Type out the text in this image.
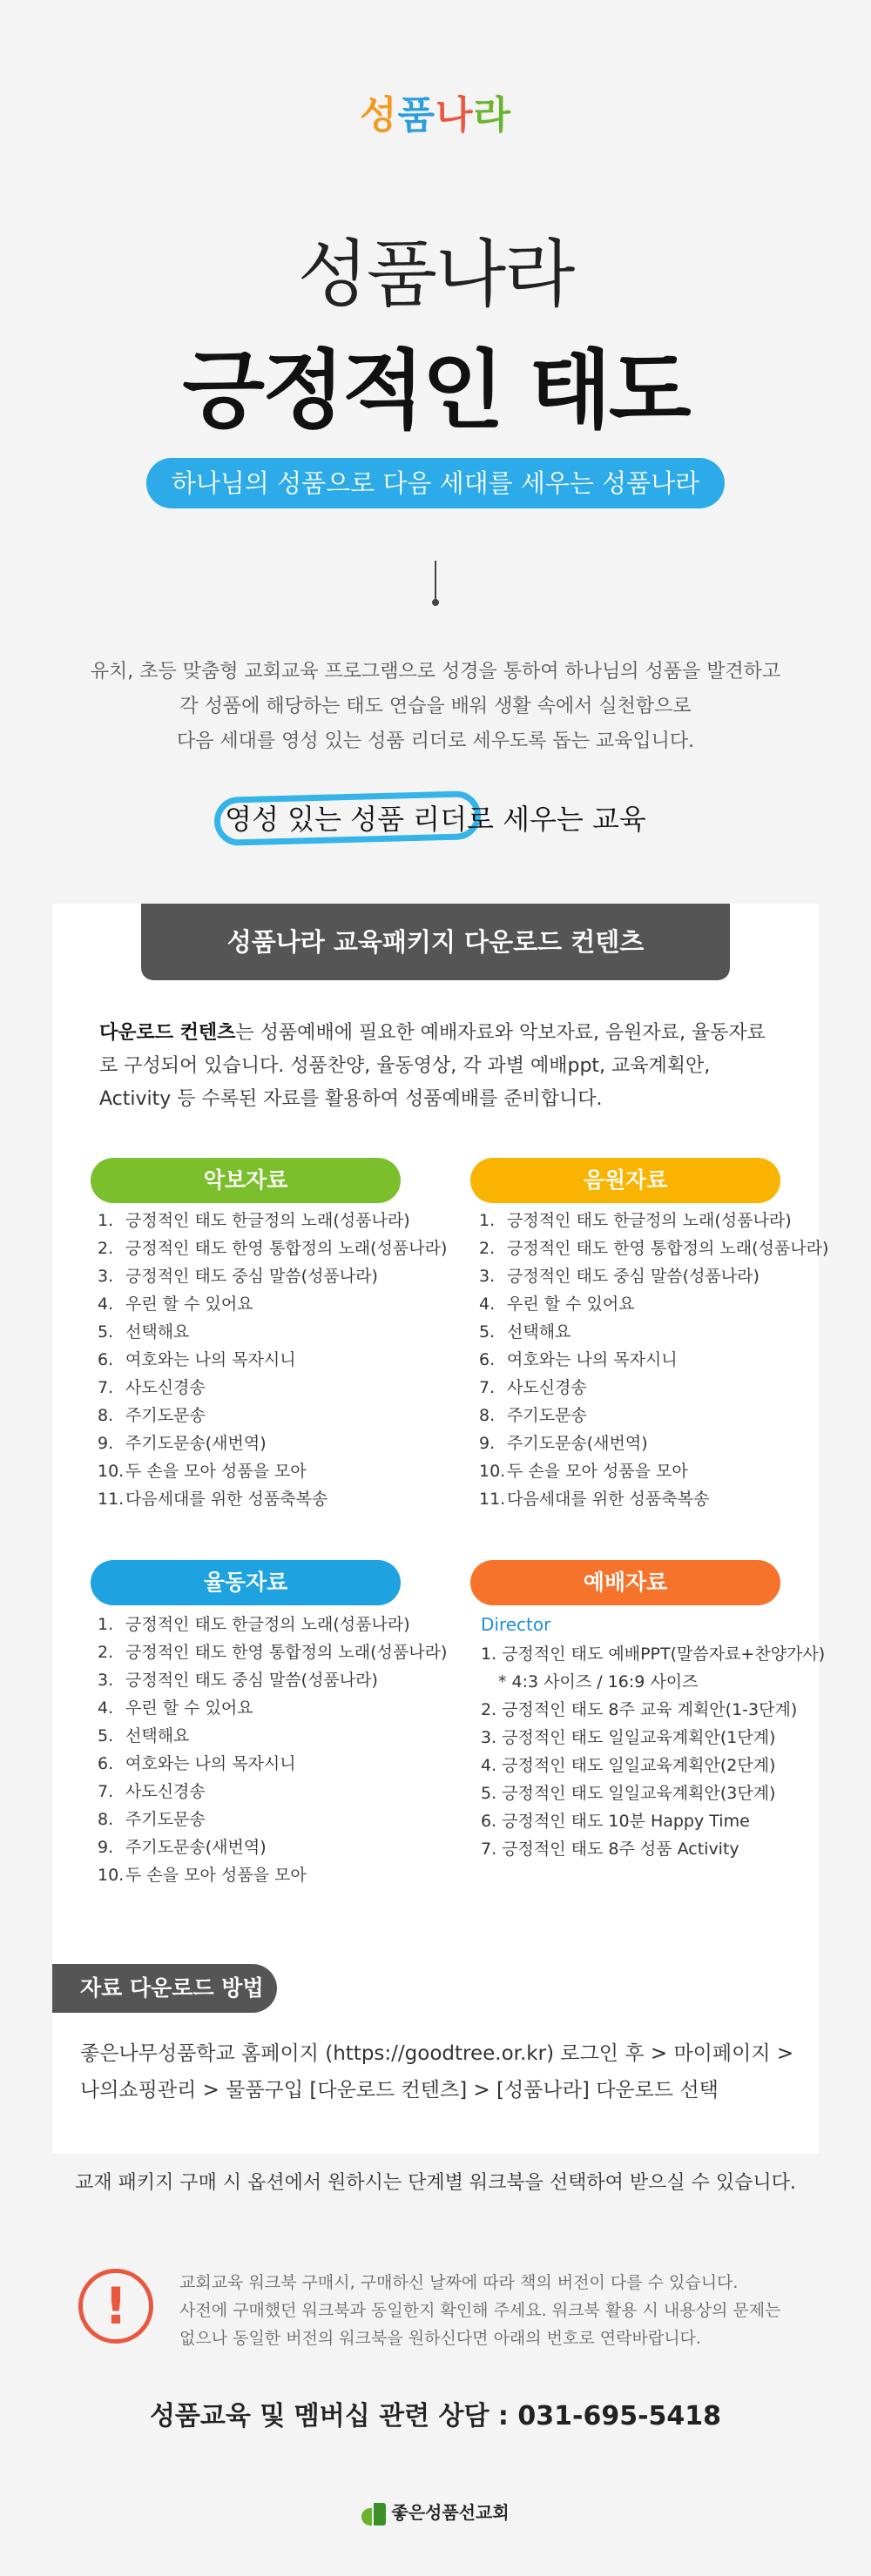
성품나라
성품나라
긍정적인 태도
하나님의 성품으로 다음 세대를 세우는 성품나라

유치, 초등 맞춤형 교회교육 프로그램으로 성경을 통하여 하나님의 성품을 발견하고

각 성품에 해당하는 태도 연습을 배워 생활 속에서 실천함으로

다음 세대를 영성 있는 성품 리더로 세우도록 돕는 교육입니다.

영성 있는 성품 리더로 세우는 교육
성품나라 교육패키지 다운로드 컨텐츠
다운로드 컨텐츠는 성품예배에 필요한 예배자료와 악보자료, 음원자료, 율동자료로 구성되어 있습니다. 성품찬양, 율동영상, 각 과별 예배ppt, 교육계획안, Activity 등 수록된 자료를 활용하여 성품예배를 준비합니다.
악보자료
1. 긍정적인 태도 한글정의 노래(성품나라)
2. 긍정적인 태도 한영 통합정의 노래(성품나라)
3. 긍정적인 태도 중심 말씀(성품나라)
4. 우린 할 수 있어요
5. 선택해요
6. 여호와는 나의 목자시니
7. 사도신경송
8. 주기도문송
9. 주기도문송(새번역)
10.두 손을 모아 성품을 모아
11.다음세대를 위한 성품축복송
음원자료
1. 긍정적인 태도 한글정의 노래(성품나라)
2. 긍정적인 태도 한영 통합정의 노래(성품나라)
3. 긍정적인 태도 중심 말씀(성품나라)
4. 우린 할 수 있어요
5. 선택해요
6. 여호와는 나의 목자시니
7. 사도신경송
8. 주기도문송
9. 주기도문송(새번역)
10.두 손을 모아 성품을 모아
11.다음세대를 위한 성품축복송
율동자료
1. 긍정적인 태도 한글정의 노래(성품나라)
2. 긍정적인 태도 한영 통합정의 노래(성품나라)
3. 긍정적인 태도 중심 말씀(성품나라)
4. 우린 할 수 있어요
5. 선택해요
6. 여호와는 나의 목자시니
7. 사도신경송
8. 주기도문송
9. 주기도문송(새번역)
10.두 손을 모아 성품을 모아
예배자료
Director
1. 긍정적인 태도 예배PPT(말씀자료+찬양가사)
* 4:3 사이즈 / 16:9 사이즈
2. 긍정적인 태도 8주 교육 계획안(1-3단계)
3. 긍정적인 태도 일일교육계획안(1단계)
4. 긍정적인 태도 일일교육계획안(2단계)
5. 긍정적인 태도 일일교육계획안(3단계)
6. 긍정적인 태도 10분 Happy Time
7. 긍정적인 태도 8주 성품 Activity
자료 다운로드 방법
좋은나무성품학교 홈페이지 (https://goodtree.or.kr) 로그인 후 > 마이페이지 >
나의쇼핑관리 > 물품구입 [다운로드 컨텐츠] > [성품나라] 다운로드 선택
교재 패키지 구매 시 옵션에서 원하시는 단계별 워크북을 선택하여 받으실 수 있습니다.
!	교회교육 워크북 구매시, 구매하신 날짜에 따라 책의 버전이 다를 수 있습니다.

사전에 구매했던 워크북과 동일한지 확인해 주세요. 워크북 활용 시 내용상의 문제는

없으나 동일한 버전의 워크북을 원하신다면 아래의 번호로 연락바랍니다.

성품교육 및 멤버십 관련 상담 : 031-695-5418
좋은성품선교회
